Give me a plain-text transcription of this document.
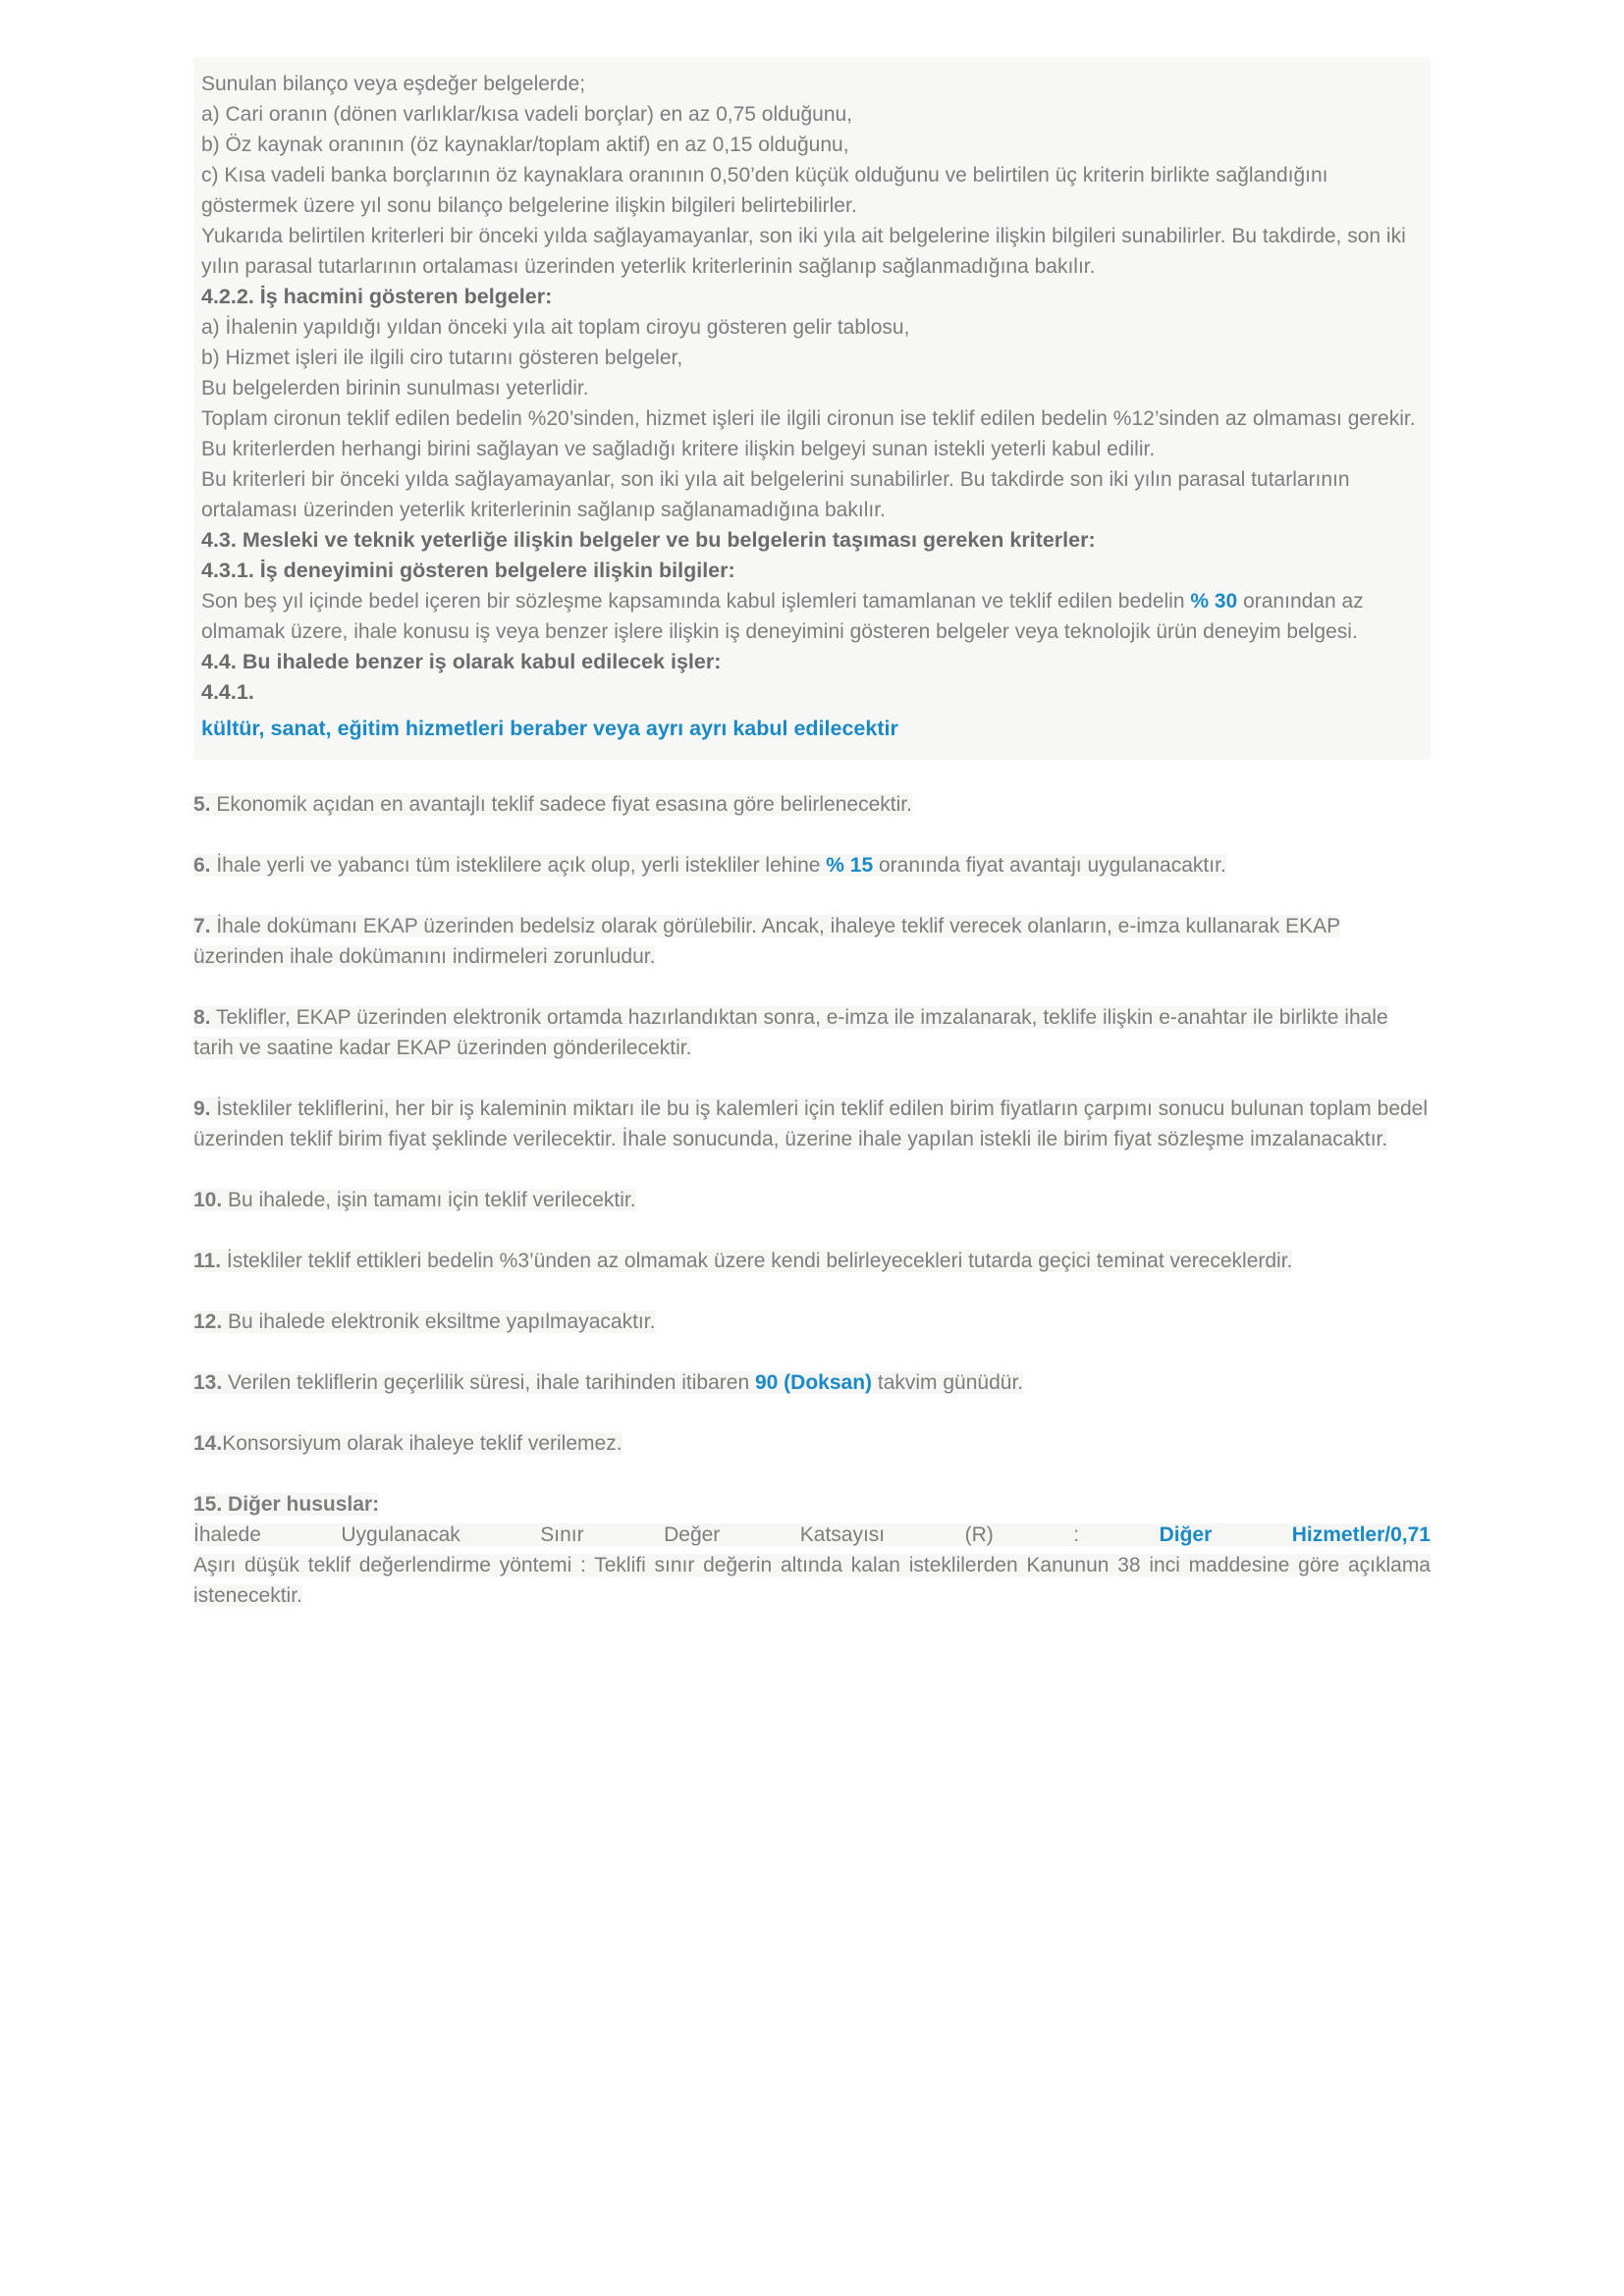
Sunulan bilanço veya eşdeğer belgelerde;
a) Cari oranın (dönen varlıklar/kısa vadeli borçlar) en az 0,75 olduğunu,
b) Öz kaynak oranının (öz kaynaklar/toplam aktif) en az 0,15 olduğunu,
c) Kısa vadeli banka borçlarının öz kaynaklara oranının 0,50’den küçük olduğunu ve belirtilen üç kriterin birlikte sağlandığını göstermek üzere yıl sonu bilanço belgelerine ilişkin bilgileri belirtebilirler.
Yukarıda belirtilen kriterleri bir önceki yılda sağlayamayanlar, son iki yıla ait belgelerine ilişkin bilgileri sunabilirler. Bu takdirde, son iki yılın parasal tutarlarının ortalaması üzerinden yeterlik kriterlerinin sağlanıp sağlanmadığına bakılır.

4.2.2. İş hacmini gösteren belgeler:

a) İhalenin yapıldığı yıldan önceki yıla ait toplam ciroyu gösteren gelir tablosu,
b) Hizmet işleri ile ilgili ciro tutarını gösteren belgeler,
Bu belgelerden birinin sunulması yeterlidir.
Toplam cironun teklif edilen bedelin %20’sinden, hizmet işleri ile ilgili cironun ise teklif edilen bedelin %12’sinden az olmaması gerekir. Bu kriterlerden herhangi birini sağlayan ve sağladığı kritere ilişkin belgeyi sunan istekli yeterli kabul edilir.
Bu kriterleri bir önceki yılda sağlayamayanlar, son iki yıla ait belgelerini sunabilirler. Bu takdirde son iki yılın parasal tutarlarının ortalaması üzerinden yeterlik kriterlerinin sağlanıp sağlanamadığına bakılır.

4.3. Mesleki ve teknik yeterliğe ilişkin belgeler ve bu belgelerin taşıması gereken kriterler:

4.3.1. İş deneyimini gösteren belgelere ilişkin bilgiler:

Son beş yıl içinde bedel içeren bir sözleşme kapsamında kabul işlemleri tamamlanan ve teklif edilen bedelin % 30 oranından az olmamak üzere, ihale konusu iş veya benzer işlere ilişkin iş deneyimini gösteren belgeler veya teknolojik ürün deneyim belgesi.

4.4. Bu ihalede benzer iş olarak kabul edilecek işler:

4.4.1.

kültür, sanat, eğitim hizmetleri beraber veya ayrı ayrı kabul edilecektir

5. Ekonomik açıdan en avantajlı teklif sadece fiyat esasına göre belirlenecektir.

6. İhale yerli ve yabancı tüm isteklilere açık olup, yerli istekliler lehine % 15 oranında fiyat avantajı uygulanacaktır.

7. İhale dokümanı EKAP üzerinden bedelsiz olarak görülebilir. Ancak, ihaleye teklif verecek olanların, e-imza kullanarak EKAP üzerinden ihale dokümanını indirmeleri zorunludur.

8. Teklifler, EKAP üzerinden elektronik ortamda hazırlandıktan sonra, e-imza ile imzalanarak, teklife ilişkin e-anahtar ile birlikte ihale tarih ve saatine kadar EKAP üzerinden gönderilecektir.

9. İstekliler tekliflerini, her bir iş kaleminin miktarı ile bu iş kalemleri için teklif edilen birim fiyatların çarpımı sonucu bulunan toplam bedel üzerinden teklif birim fiyat şeklinde verilecektir. İhale sonucunda, üzerine ihale yapılan istekli ile birim fiyat sözleşme imzalanacaktır.

10. Bu ihalede, işin tamamı için teklif verilecektir.

11. İstekliler teklif ettikleri bedelin %3’ünden az olmamak üzere kendi belirleyecekleri tutarda geçici teminat vereceklerdir.

12. Bu ihalede elektronik eksiltme yapılmayacaktır.

13. Verilen tekliflerin geçerlilik süresi, ihale tarihinden itibaren 90 (Doksan) takvim günüdür.

14.Konsorsiyum olarak ihaleye teklif verilemez.

15. Diğer hususlar:

İhalede Uygulanacak Sınır Değer Katsayısı (R) :	Diğer Hizmetler/0,71

Aşırı düşük teklif değerlendirme yöntemi : Teklifi sınır değerin altında kalan isteklilerden Kanunun 38 inci maddesine göre açıklama istenecektir.
